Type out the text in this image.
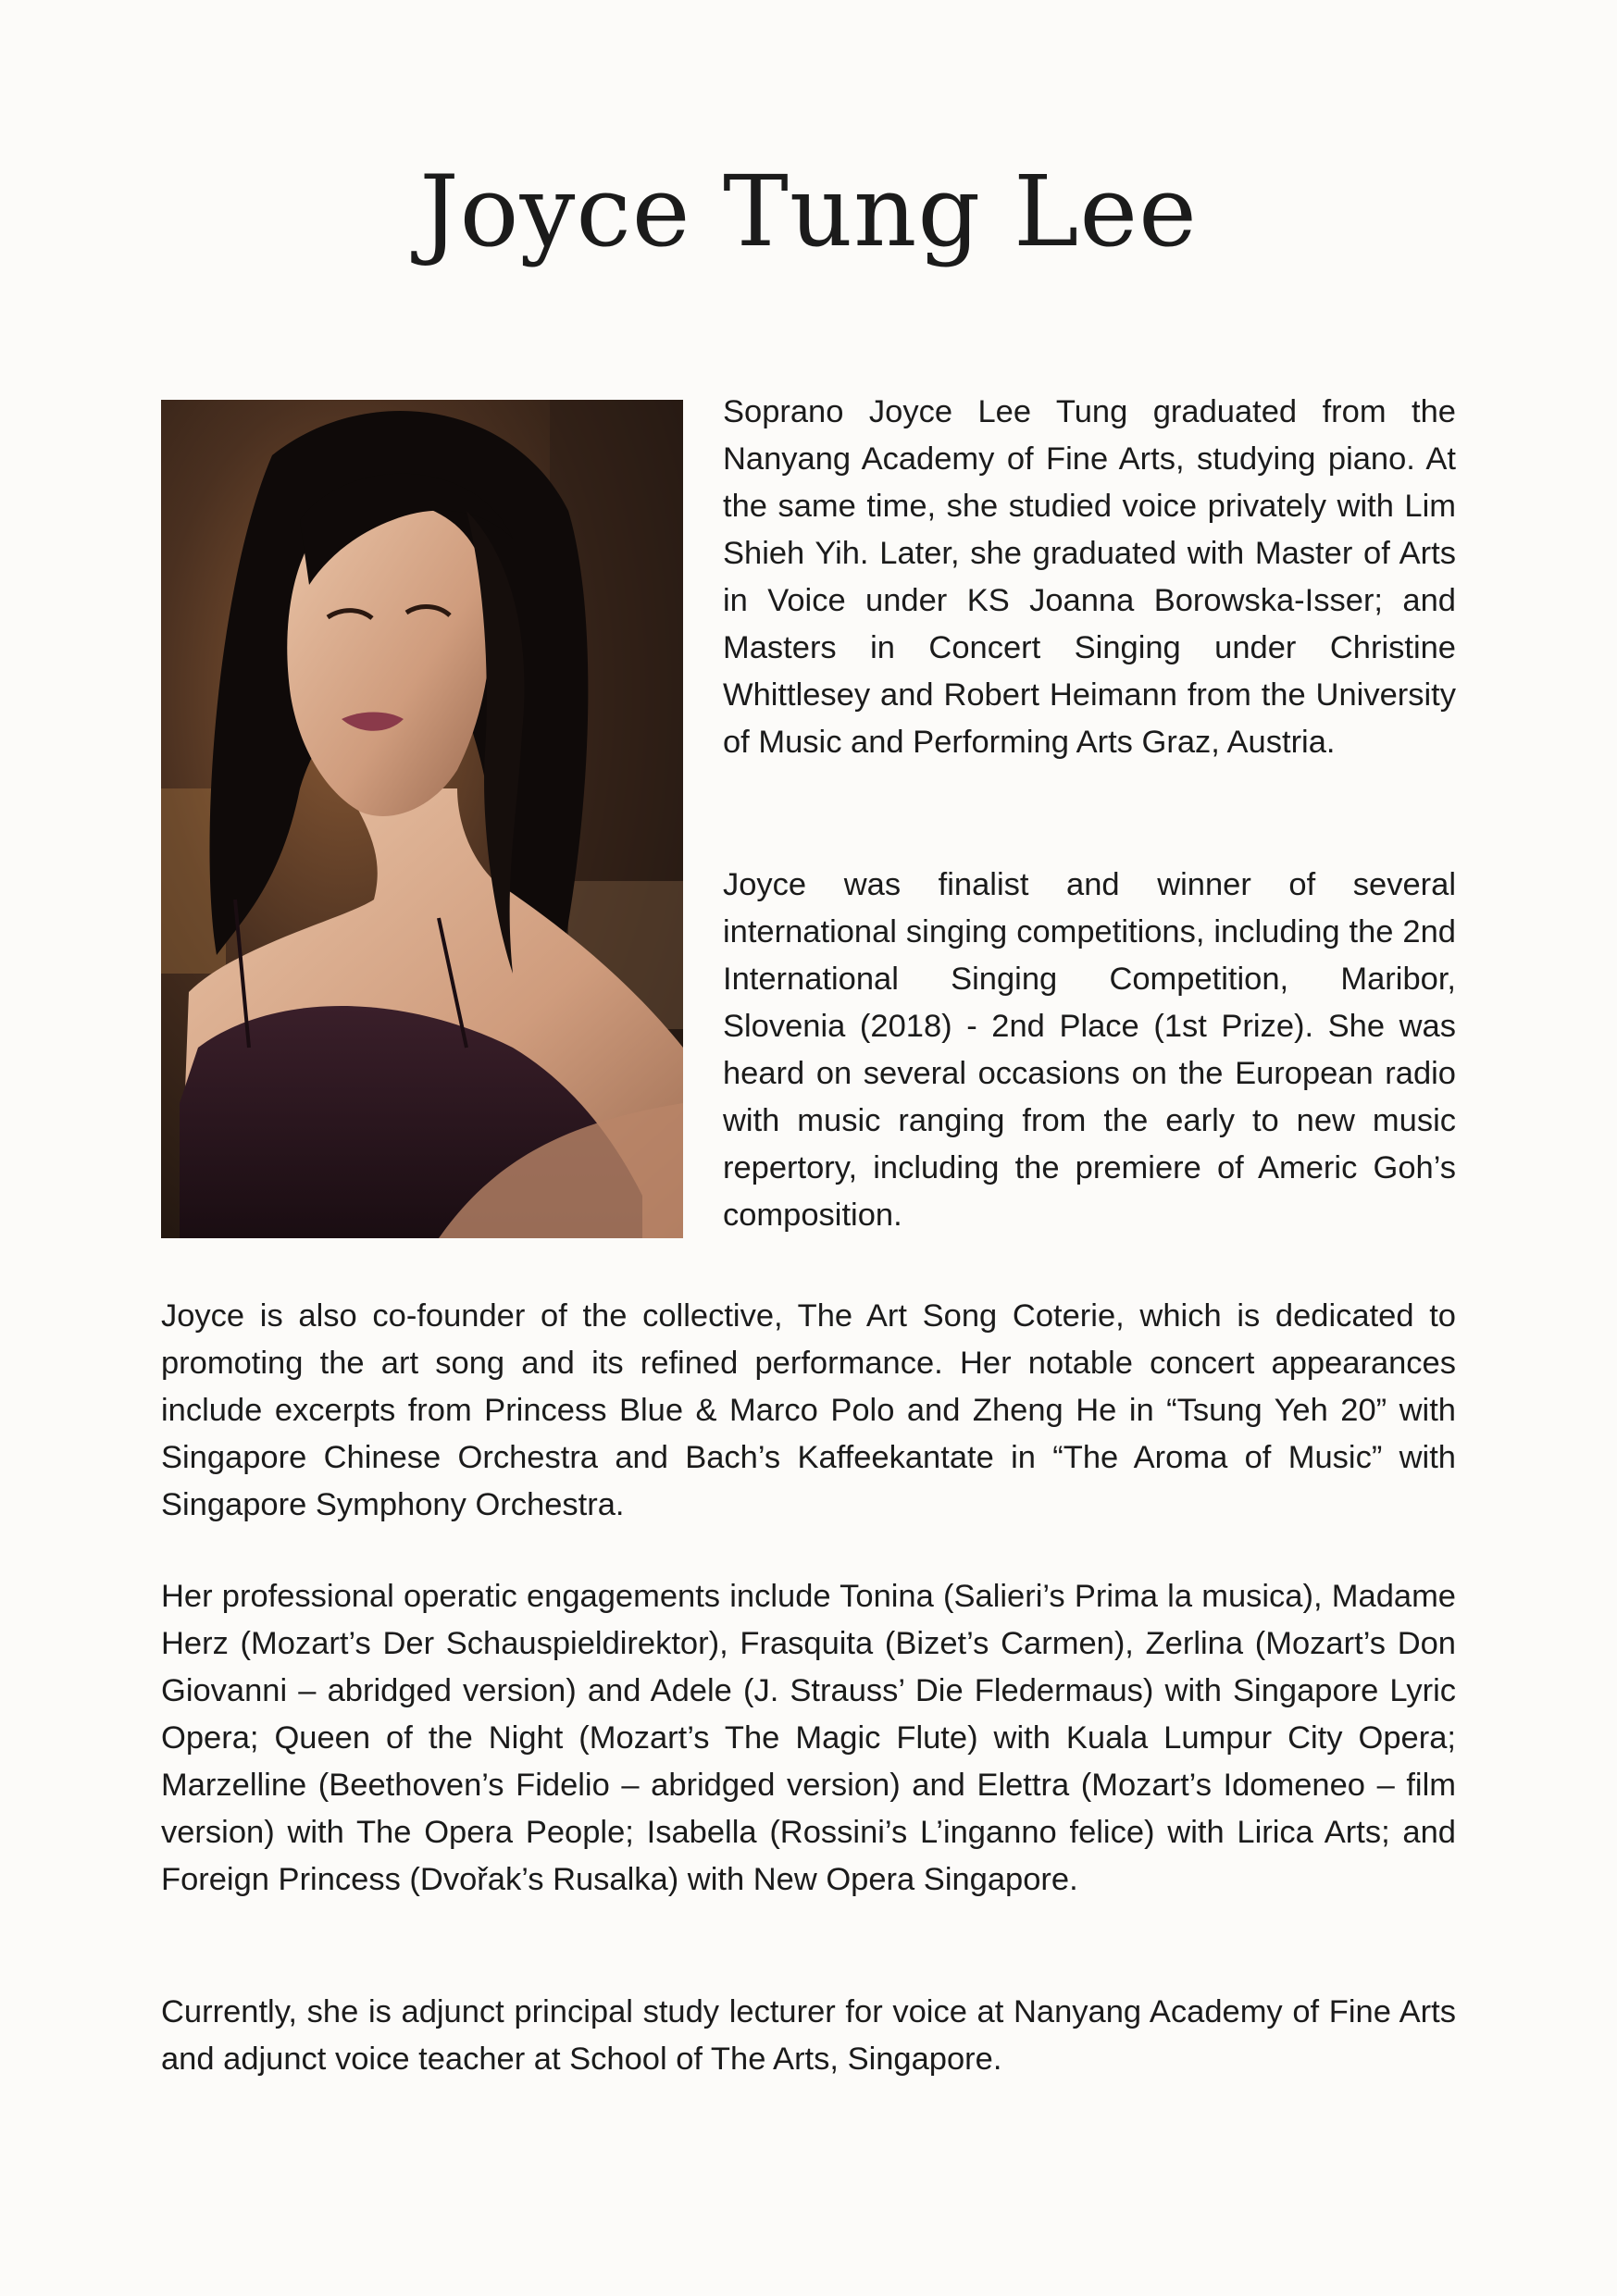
Joyce Tung Lee

Soprano Joyce Lee Tung graduated from the Nanyang Academy of Fine Arts, studying piano. At the same time, she studied voice privately with Lim Shieh Yih. Later, she graduated with Master of Arts in Voice under KS Joanna Borowska-Isser; and Masters in Concert Singing under Christine Whittlesey and Robert Heimann from the University of Music and Performing Arts Graz, Austria.

Joyce was finalist and winner of several international singing competitions, including the 2nd International Singing Competition, Maribor, Slovenia (2018) - 2nd Place (1st Prize). She was heard on several occasions on the European radio with music ranging from the early to new music repertory, including the premiere of Americ Goh’s composition.

Joyce is also co-founder of the collective, The Art Song Coterie, which is dedicated to promoting the art song and its refined performance. Her notable concert appearances include excerpts from Princess Blue & Marco Polo and Zheng He in “Tsung Yeh 20” with Singapore Chinese Orchestra and Bach’s Kaffeekantate in “The Aroma of Music” with Singapore Symphony Orchestra.

Her professional operatic engagements include Tonina (Salieri’s Prima la musica), Madame Herz (Mozart’s Der Schauspieldirektor), Frasquita (Bizet’s Carmen), Zerlina (Mozart’s Don Giovanni – abridged version) and Adele (J. Strauss’ Die Fledermaus) with Singapore Lyric Opera; Queen of the Night (Mozart’s The Magic Flute) with Kuala Lumpur City Opera; Marzelline (Beethoven’s Fidelio – abridged version) and Elettra (Mozart’s Idomeneo – film version) with The Opera People; Isabella (Rossini’s L’inganno felice) with Lirica Arts; and Foreign Princess (Dvořak’s Rusalka) with New Opera Singapore.

Currently, she is adjunct principal study lecturer for voice at Nanyang Academy of Fine Arts and adjunct voice teacher at School of The Arts, Singapore.
